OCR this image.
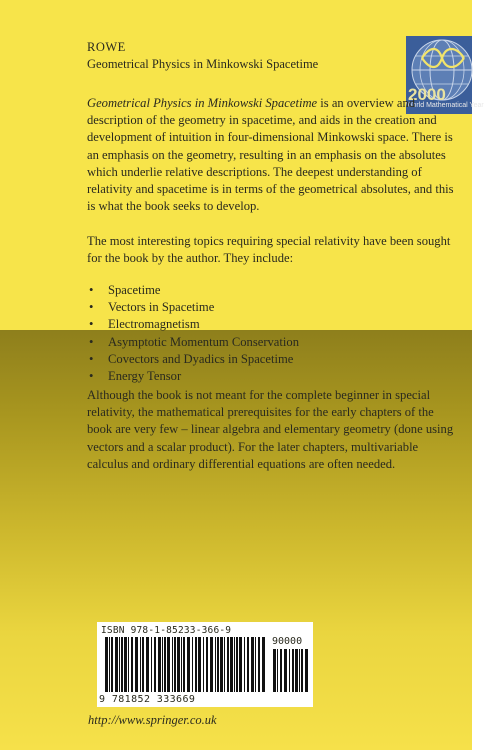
ROWE
Geometrical Physics in Minkowski Spacetime
2000
World Mathematical Year

Geometrical Physics in Minkowski Spacetime is an overview and description of the geometry in spacetime, and aids in the creation and development of intuition in four-dimensional Minkowski space. There is an emphasis on the geometry, resulting in an emphasis on the absolutes which underlie relative descriptions. The deepest understanding of relativity and spacetime is in terms of the geometrical absolutes, and this is what the book seeks to develop.

The most interesting topics requiring special relativity have been sought for the book by the author. They include:

• Spacetime
• Vectors in Spacetime
• Electromagnetism
• Asymptotic Momentum Conservation
• Covectors and Dyadics in Spacetime
• Energy Tensor

Although the book is not meant for the complete beginner in special relativity, the mathematical prerequisites for the early chapters of the book are very few – linear algebra and elementary geometry (done using vectors and a scalar product). For the later chapters, multivariable calculus and ordinary differential equations are often needed.

ISBN 978-1-85233-366-9
90000
9 781852 333669
http://www.springer.co.uk
